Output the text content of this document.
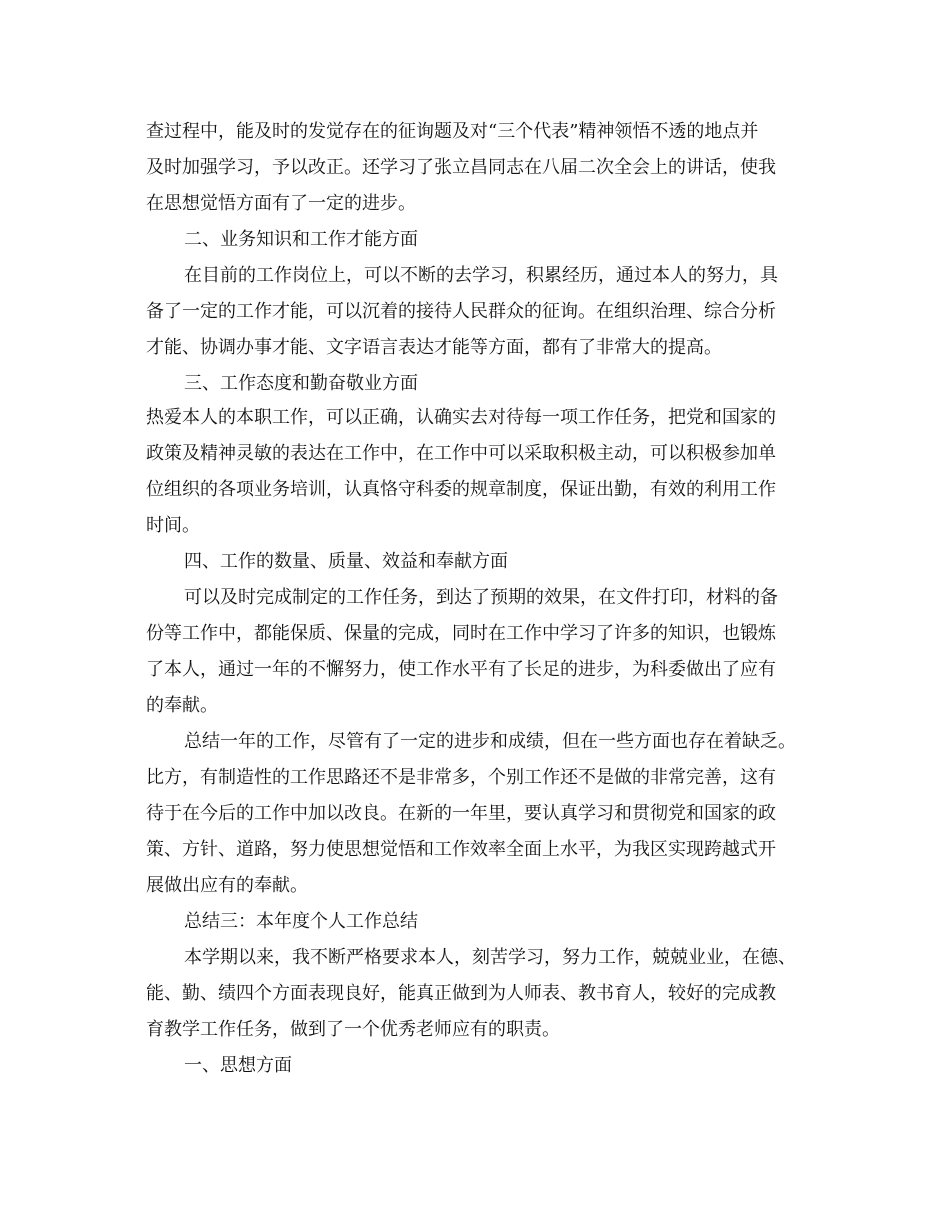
查过程中，能及时的发觉存在的征询题及对“三个代表”精神领悟不透的地点并

及时加强学习，予以改正。还学习了张立昌同志在八届二次全会上的讲话，使我

在思想觉悟方面有了一定的进步。

二、业务知识和工作才能方面

在目前的工作岗位上，可以不断的去学习，积累经历，通过本人的努力，具

备了一定的工作才能，可以沉着的接待人民群众的征询。在组织治理、综合分析

才能、协调办事才能、文字语言表达才能等方面，都有了非常大的提高。

三、工作态度和勤奋敬业方面

热爱本人的本职工作，可以正确，认确实去对待每一项工作任务，把党和国家的

政策及精神灵敏的表达在工作中，在工作中可以采取积极主动，可以积极参加单

位组织的各项业务培训，认真恪守科委的规章制度，保证出勤，有效的利用工作

时间。

四、工作的数量、质量、效益和奉献方面

可以及时完成制定的工作任务，到达了预期的效果，在文件打印，材料的备

份等工作中，都能保质、保量的完成，同时在工作中学习了许多的知识，也锻炼

了本人，通过一年的不懈努力，使工作水平有了长足的进步，为科委做出了应有

的奉献。

总结一年的工作，尽管有了一定的进步和成绩，但在一些方面也存在着缺乏。

比方，有制造性的工作思路还不是非常多，个别工作还不是做的非常完善，这有

待于在今后的工作中加以改良。在新的一年里，要认真学习和贯彻党和国家的政

策、方针、道路，努力使思想觉悟和工作效率全面上水平，为我区实现跨越式开

展做出应有的奉献。

总结三：本年度个人工作总结

本学期以来，我不断严格要求本人，刻苦学习，努力工作，兢兢业业，在德、

能、勤、绩四个方面表现良好，能真正做到为人师表、教书育人，较好的完成教

育教学工作任务，做到了一个优秀老师应有的职责。

一、思想方面
